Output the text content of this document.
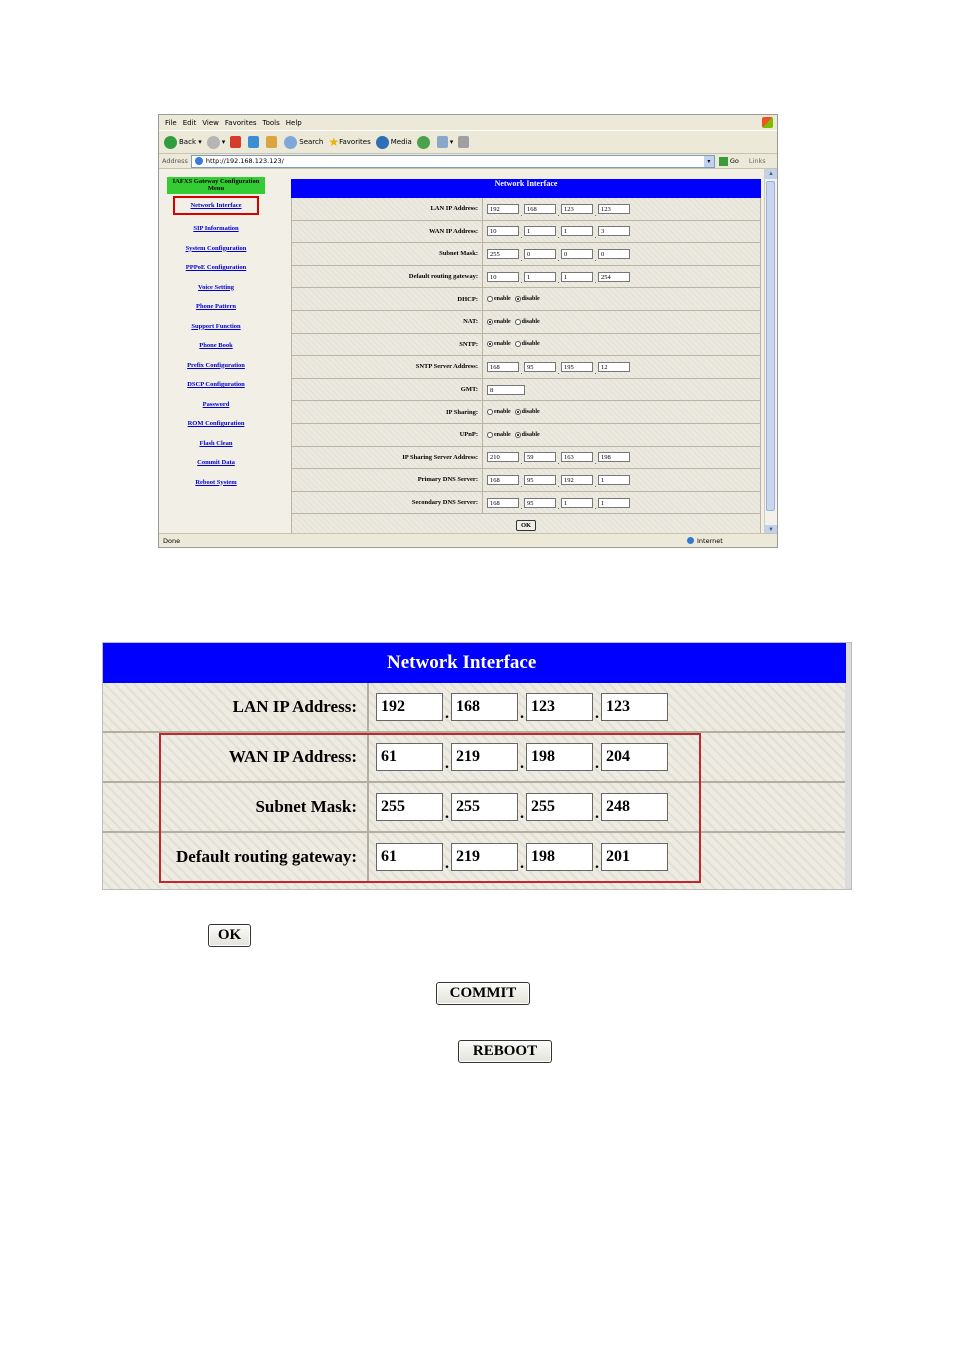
File Edit View Favorites Tools Help
Back ▾	▾	Search ★ Favorites	Media	▾
Address	http://192.168.123.123/	▾	Go Links
IAFXS Gateway Configuration Menu
Network Interface
SIP Information
System Configuration
PPPoE Configuration
Voice Setting
Phone Pattern
Support Function
Phone Book
Prefix Configuration
DSCP Configuration
Password
ROM Configuration
Flash Clean
Commit Data
Reboot System
Network Interface
LAN IP Address:	192
.
168
.
123
.
123
WAN IP Address:	10
.
1
.
1
.
3
Subnet Mask:	255
.
0
.
0
.
0
Default routing gateway:	10
.
1
.
1
.
254
DHCP:	enable disable
NAT:	enable disable
SNTP:	enable disable
SNTP Server Address:	168
.
95
.
195
.
12
GMT:	8
IP Sharing:	enable disable
UPnP:	enable disable
IP Sharing Server Address:	210
.
59
.
163
.
198
Primary DNS Server:	168
.
95
.
192
.
1
Secondary DNS Server:	168
.
95
.
1
.
1
OK
▲
▼
Done	Internet
Network Interface
LAN IP Address:	192	. 168	. 123	. 123
WAN IP Address:	61	. 219	. 198	. 204
Subnet Mask:	255	. 255	. 255	. 248
Default routing gateway:	61	. 219	. 198	. 201
OK
COMMIT
REBOOT
